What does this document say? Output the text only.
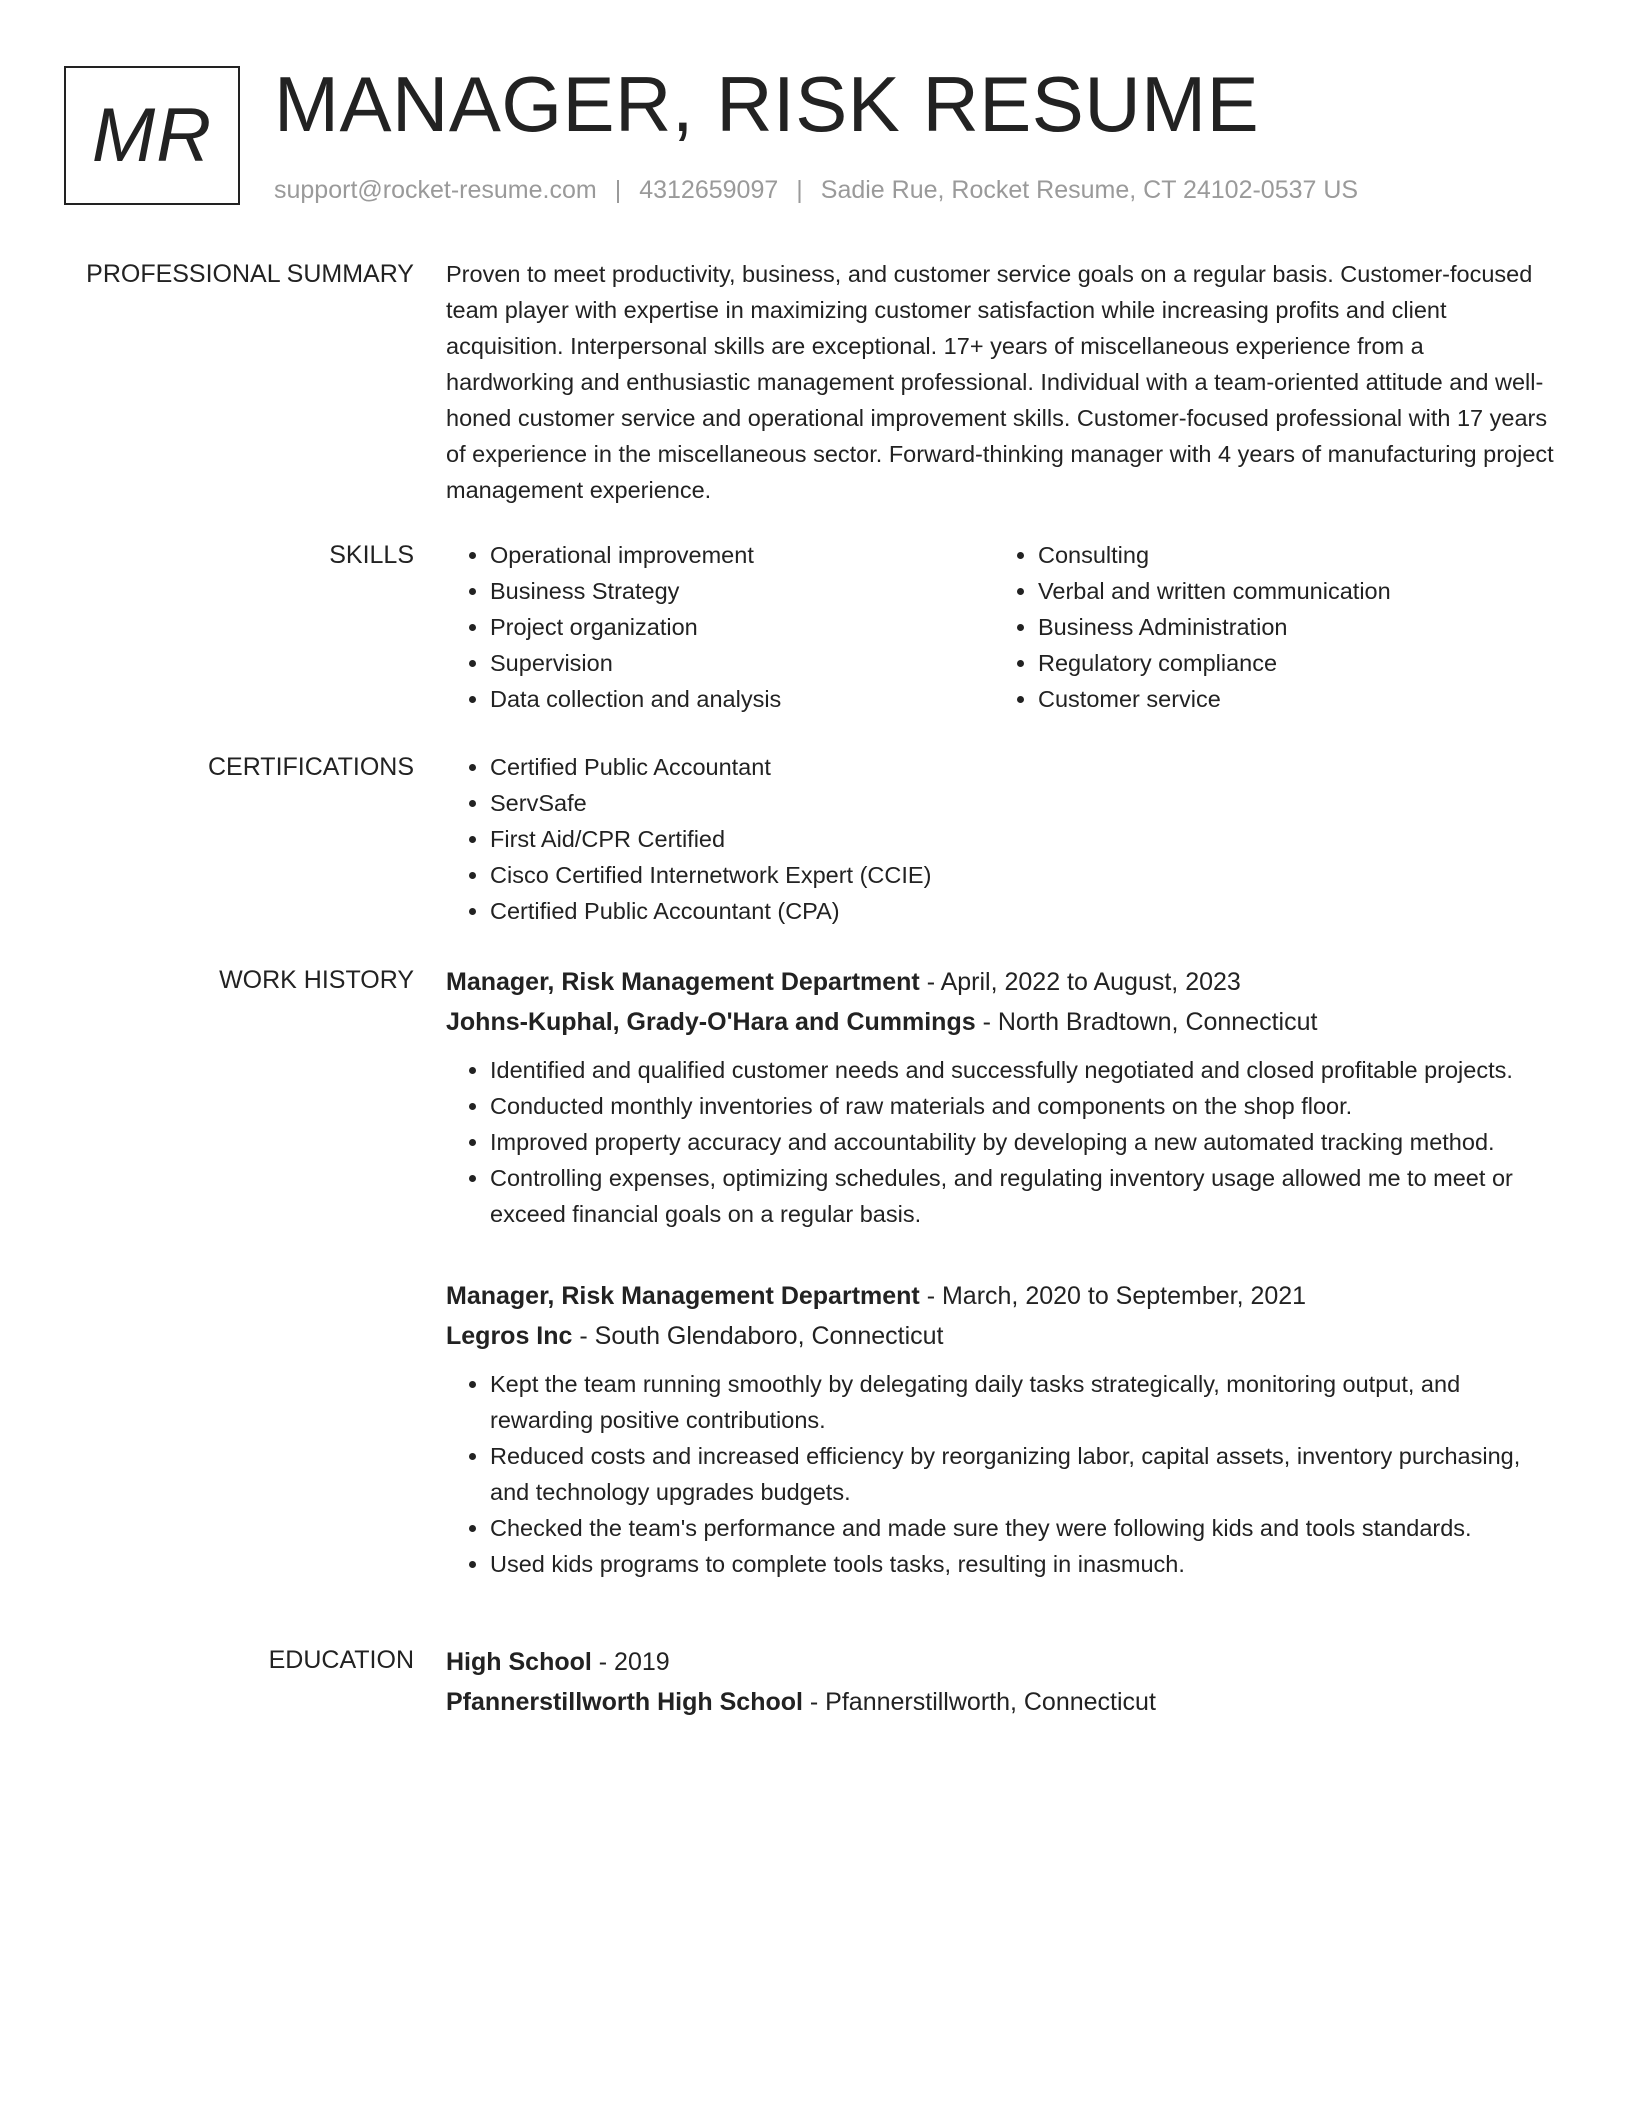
MR MANAGER, RISK RESUME
support@rocket-resume.com | 4312659097 | Sadie Rue, Rocket Resume, CT 24102-0537 US
PROFESSIONAL SUMMARY Proven to meet productivity, business, and customer service goals on a regular basis. Customer-focused team player with expertise in maximizing customer satisfaction while increasing profits and client acquisition. Interpersonal skills are exceptional. 17+ years of miscellaneous experience from a hardworking and enthusiastic management professional. Individual with a team-oriented attitude and well-honed customer service and operational improvement skills. Customer-focused professional with 17 years of experience in the miscellaneous sector. Forward-thinking manager with 4 years of manufacturing project management experience.

SKILLS	• Operational improvement
• Business Strategy
• Project organization
• Supervision
• Data collection and analysis
• Consulting
• Verbal and written communication
• Business Administration
• Regulatory compliance
• Customer service
CERTIFICATIONS	• Certified Public Accountant
• ServSafe
• First Aid/CPR Certified
• Cisco Certified Internetwork Expert (CCIE)
• Certified Public Accountant (CPA)
WORK HISTORY Manager, Risk Management Department - April, 2022 to August, 2023
Johns-Kuphal, Grady-O'Hara and Cummings - North Bradtown, Connecticut
• Identified and qualified customer needs and successfully negotiated and closed profitable projects.
• Conducted monthly inventories of raw materials and components on the shop floor.
• Improved property accuracy and accountability by developing a new automated tracking method.
• Controlling expenses, optimizing schedules, and regulating inventory usage allowed me to meet or exceed financial goals on a regular basis.
Manager, Risk Management Department - March, 2020 to September, 2021
Legros Inc - South Glendaboro, Connecticut
• Kept the team running smoothly by delegating daily tasks strategically, monitoring output, and rewarding positive contributions.
• Reduced costs and increased efficiency by reorganizing labor, capital assets, inventory purchasing, and technology upgrades budgets.
• Checked the team's performance and made sure they were following kids and tools standards.
• Used kids programs to complete tools tasks, resulting in inasmuch.
EDUCATION High School - 2019
Pfannerstillworth High School - Pfannerstillworth, Connecticut
